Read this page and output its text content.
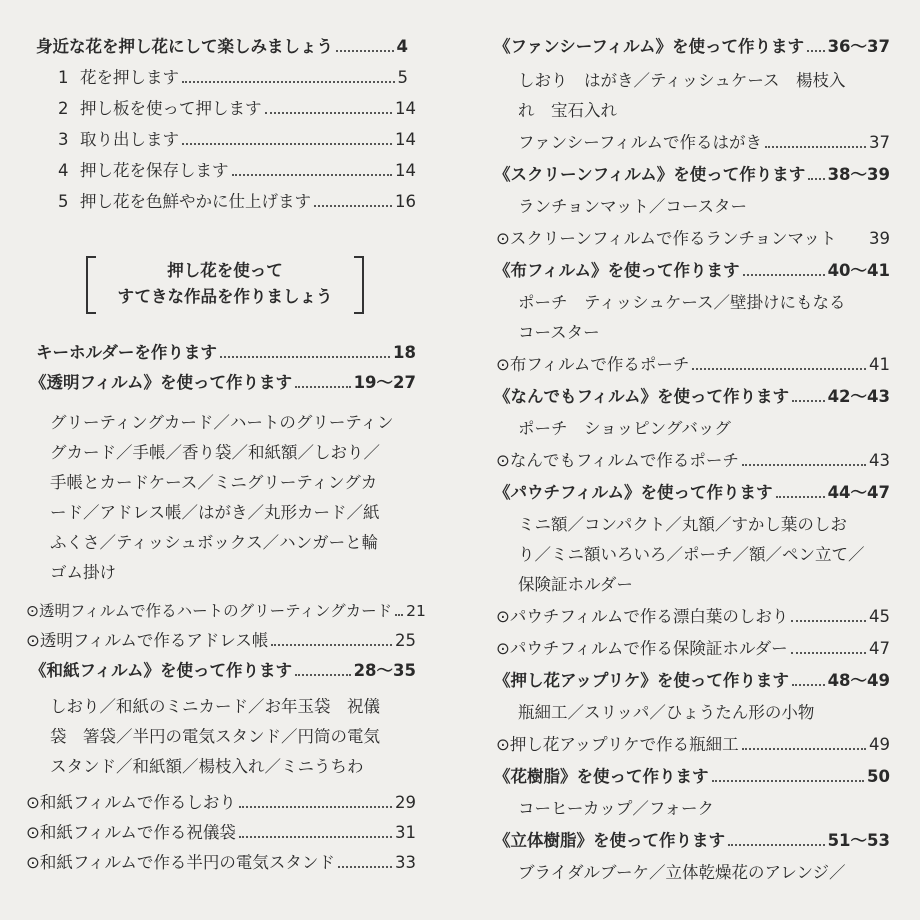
身近な花を押し花にして楽しみましょう	4
1 花を押します	5
2 押し板を使って押します	14
3 取り出します	14
4 押し花を保存します	14
5 押し花を色鮮やかに仕上げます	16
押し花を使って
すてきな作品を作りましょう
キーホルダーを作ります	18
《透明フィルム》を使って作ります	19〜27
グリーティングカード／ハートのグリーティン
グカード／手帳／香り袋／和紙額／しおり／
手帳とカードケース／ミニグリーティングカ
ード／アドレス帳／はがき／丸形カード／紙
ふくさ／ティッシュボックス／ハンガーと輪
ゴム掛け
⊙透明フィルムで作るハートのグリーティングカード 21
⊙透明フィルムで作るアドレス帳	25
《和紙フィルム》を使って作ります	28〜35
しおり／和紙のミニカード／お年玉袋　祝儀
袋　箸袋／半円の電気スタンド／円筒の電気
スタンド／和紙額／楊枝入れ／ミニうちわ
⊙和紙フィルムで作るしおり	29
⊙和紙フィルムで作る祝儀袋	31
⊙和紙フィルムで作る半円の電気スタンド	33
《ファンシーフィルム》を使って作ります 36〜37
しおり　はがき／ティッシュケース　楊枝入
れ　宝石入れ
ファンシーフィルムで作るはがき	37
《スクリーンフィルム》を使って作ります 38〜39
ランチョンマット／コースター
⊙スクリーンフィルムで作るランチョンマット 39
《布フィルム》を使って作ります	40〜41
ポーチ　ティッシュケース／壁掛けにもなる
コースター
⊙布フィルムで作るポーチ	41
《なんでもフィルム》を使って作ります 42〜43
ポーチ　ショッピングバッグ
⊙なんでもフィルムで作るポーチ	43
《パウチフィルム》を使って作ります	44〜47
ミニ額／コンパクト／丸額／すかし葉のしお
り／ミニ額いろいろ／ポーチ／額／ペン立て／
保険証ホルダー
⊙パウチフィルムで作る漂白葉のしおり	45
⊙パウチフィルムで作る保険証ホルダー	47
《押し花アップリケ》を使って作ります 48〜49
瓶細工／スリッパ／ひょうたん形の小物
⊙押し花アップリケで作る瓶細工	49
《花樹脂》を使って作ります	50
コーヒーカップ／フォーク
《立体樹脂》を使って作ります	51〜53
ブライダルブーケ／立体乾燥花のアレンジ／
